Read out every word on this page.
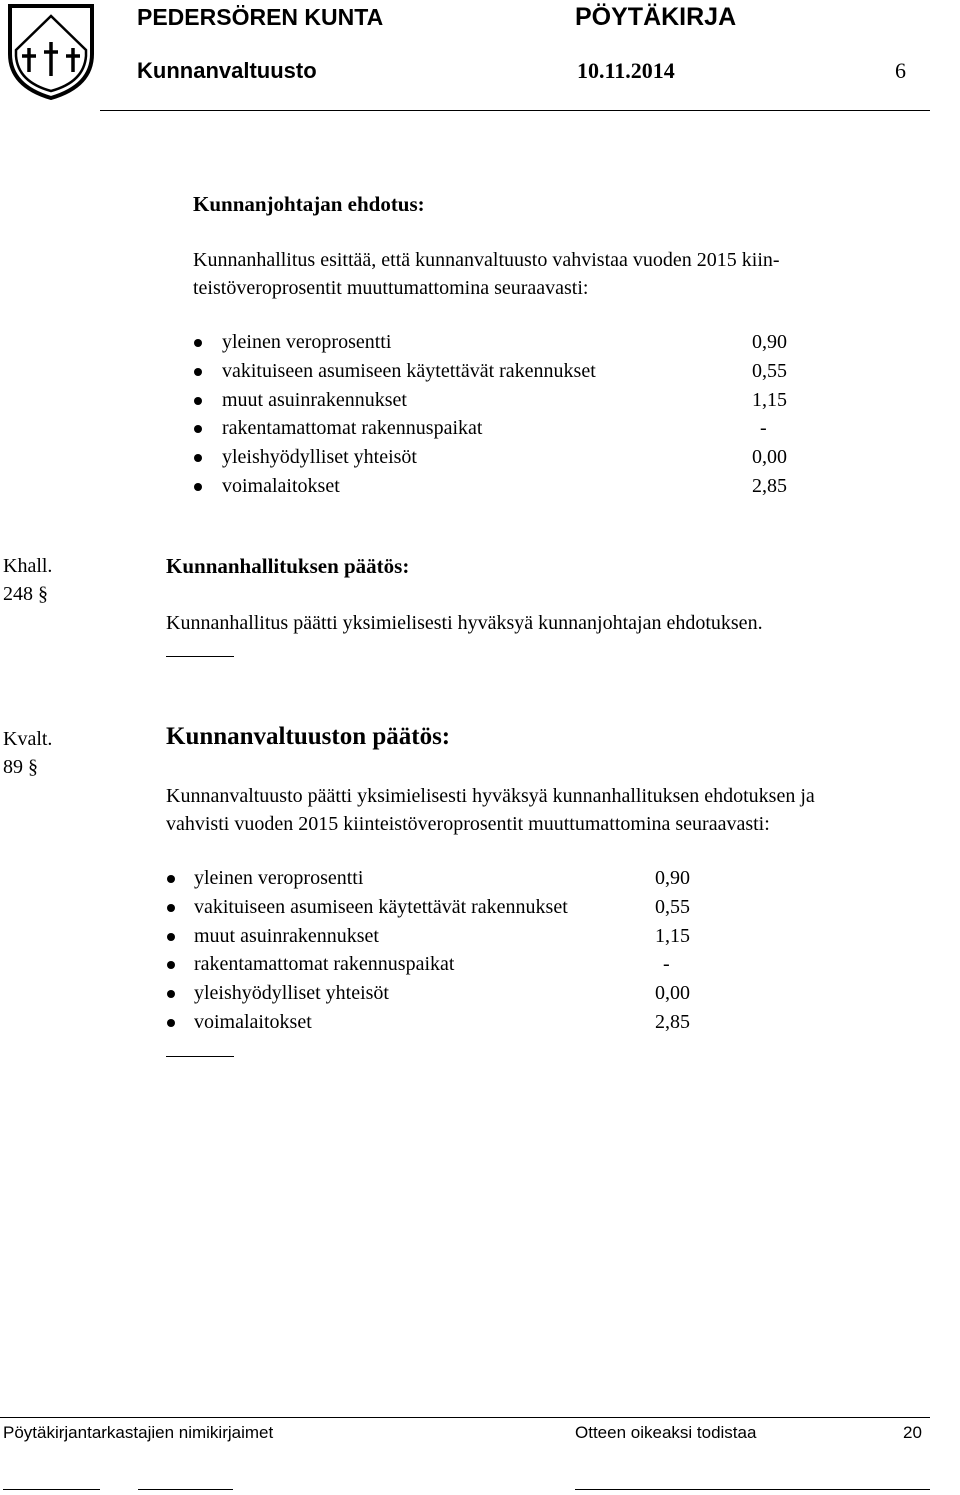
PEDERSÖREN KUNTA	PÖYTÄKIRJA
Kunnanvaltuusto	10.11.2014	6
Kunnanjohtajan ehdotus:
Kunnanhallitus esittää, että kunnanvaltuusto vahvistaa vuoden 2015 kiin-
teistöveroprosentit muuttumattomina seuraavasti:
yleinen veroprosentti	0,90
vakituiseen asumiseen käytettävät rakennukset	0,55
muut asuinrakennukset	1,15
rakentamattomat rakennuspaikat	-
yleishyödylliset yhteisöt	0,00
voimalaitokset	2,85
Khall.
248 §
Kunnanhallituksen päätös:
Kunnanhallitus päätti yksimielisesti hyväksyä kunnanjohtajan ehdotuksen.
Kvalt.
89 §
Kunnanvaltuuston päätös:
Kunnanvaltuusto päätti yksimielisesti hyväksyä kunnanhallituksen ehdotuksen ja
vahvisti vuoden 2015 kiinteistöveroprosentit muuttumattomina seuraavasti:
yleinen veroprosentti	0,90
vakituiseen asumiseen käytettävät rakennukset	0,55
muut asuinrakennukset	1,15
rakentamattomat rakennuspaikat	-
yleishyödylliset yhteisöt	0,00
voimalaitokset	2,85
Pöytäkirjantarkastajien nimikirjaimet	Otteen oikeaksi todistaa	20
